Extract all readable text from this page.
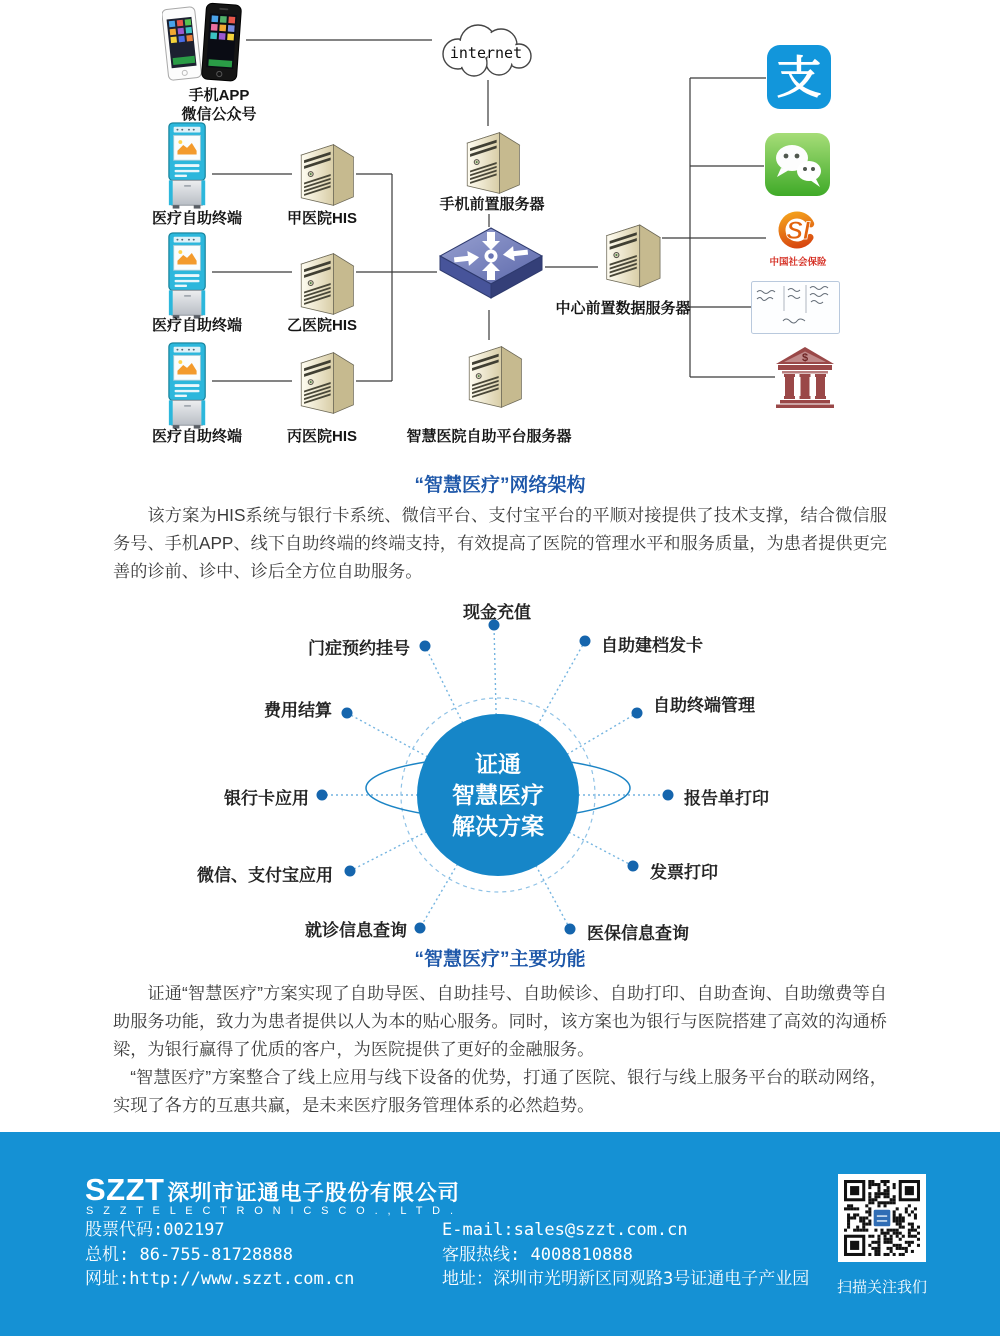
手机APP
微信公众号
internet
医疗自助终端
医疗自助终端
医疗自助终端
甲医院HIS
乙医院HIS
丙医院HIS
手机前置服务器
智慧医院自助平台服务器
中心前置数据服务器
支
SI
中国社会保险
$
“智慧医疗”网络架构
该方案为HIS系统与银行卡系统、微信平台、支付宝平台的平顺对接提供了技术支撑，结合微信服务号、手机APP、线下自助终端的终端支持，有效提高了医院的管理水平和服务质量，为患者提供更完善的诊前、诊中、诊后全方位自助服务。
证通
智慧医疗
解决方案
现金充值
门症预约挂号	自助建档发卡
费用结算	自助终端管理
银行卡应用	报告单打印
微信、支付宝应用	发票打印
就诊信息查询	医保信息查询
“智慧医疗”主要功能
证通“智慧医疗”方案实现了自助导医、自助挂号、自助候诊、自助打印、自助查询、自助缴费等自助服务功能，致力为患者提供以人为本的贴心服务。同时，该方案也为银行与医院搭建了高效的沟通桥梁，为银行赢得了优质的客户，为医院提供了更好的金融服务。
“智慧医疗”方案整合了线上应用与线下设备的优势，打通了医院、银行与线上服务平台的联动网络，实现了各方的互惠共赢，是未来医疗服务管理体系的必然趋势。
SZZT 深圳市证通电子股份有限公司
S Z Z T E L E C T R O N I C S C O . , L T D .
股票代码:002197
总机: 86-755-81728888
网址:http://www.szzt.com.cn
E-mail:sales@szzt.com.cn
客服热线: 4008810888
地址：深圳市光明新区同观路3号证通电子产业园	扫描关注我们
